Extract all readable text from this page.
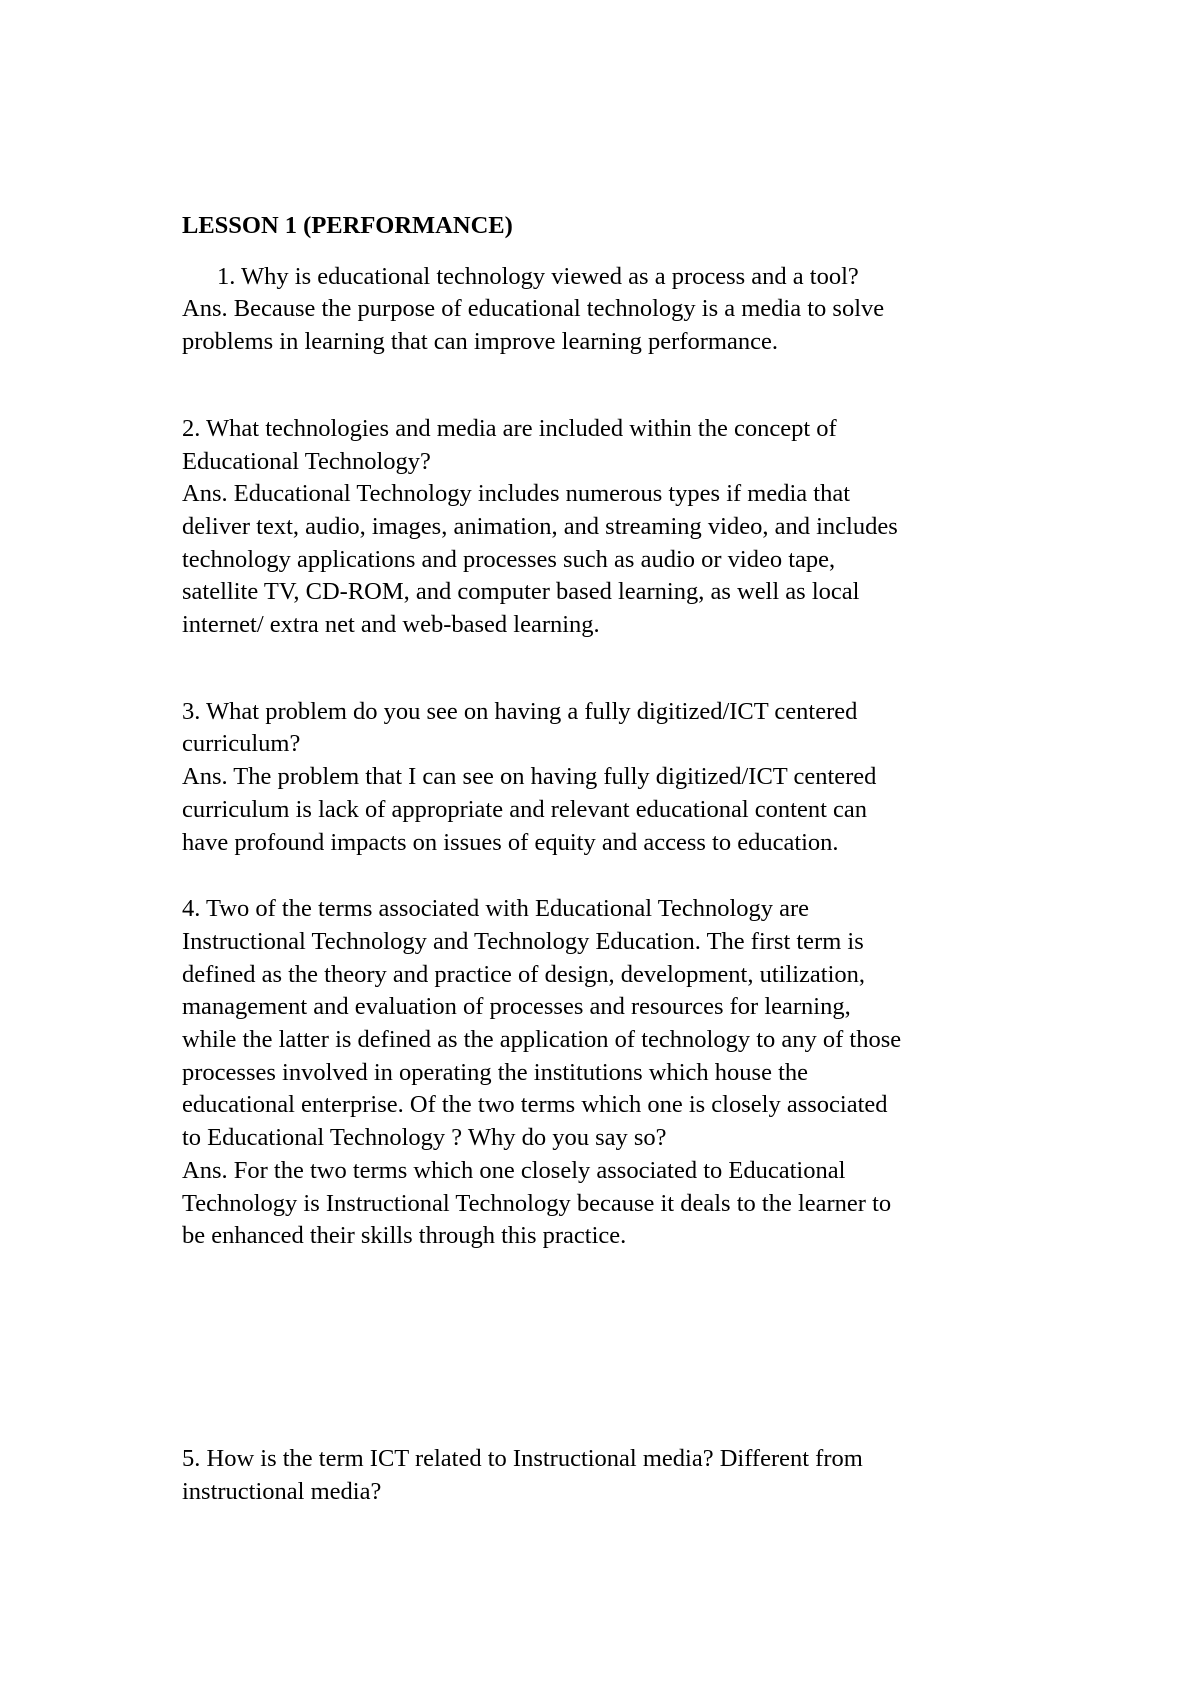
LESSON 1 (PERFORMANCE)
1. Why is educational technology viewed as a process and a tool?
Ans. Because the purpose of educational technology is a media to solve
problems in learning that can improve learning performance.
2. What technologies and media are included within the concept of
Educational Technology?
Ans. Educational Technology includes numerous types if media that
deliver text, audio, images, animation, and streaming video, and includes
technology applications and processes such as audio or video tape,
satellite TV, CD-ROM, and computer based learning, as well as local
internet/ extra net and web-based learning.
3. What problem do you see on having a fully digitized/ICT centered
curriculum?
Ans. The problem that I can see on having fully digitized/ICT centered
curriculum is lack of appropriate and relevant educational content can
have profound impacts on issues of equity and access to education.
4. Two of the terms associated with Educational Technology are
Instructional Technology and Technology Education. The first term is
defined as the theory and practice of design, development, utilization,
management and evaluation of processes and resources for learning,
while the latter is defined as the application of technology to any of those
processes involved in operating the institutions which house the
educational enterprise. Of the two terms which one is closely associated
to Educational Technology ? Why do you say so?
Ans. For the two terms which one closely associated to Educational
Technology is Instructional Technology because it deals to the learner to
be enhanced their skills through this practice.
5. How is the term ICT related to Instructional media? Different from
instructional media?
